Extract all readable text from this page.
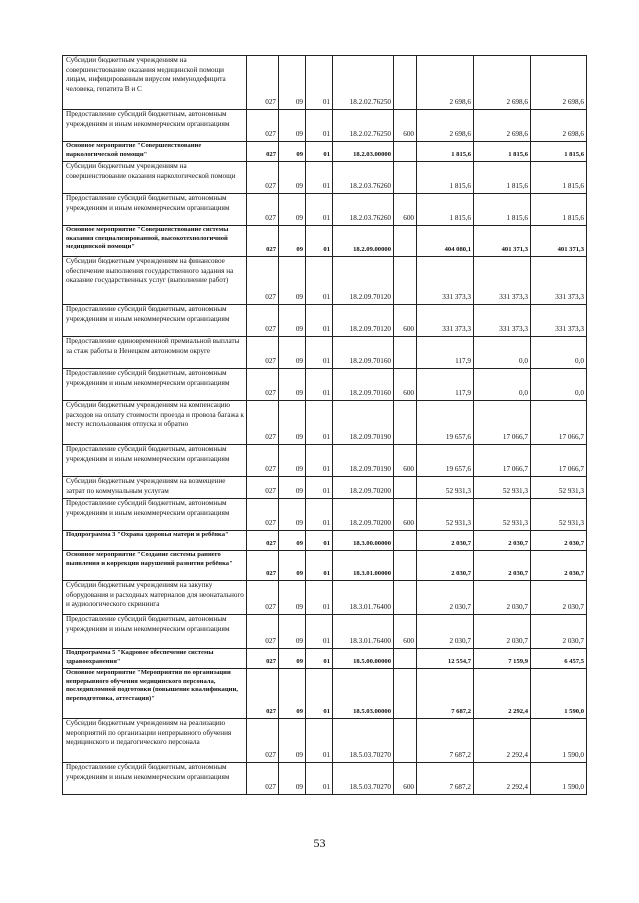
Субсидии бюджетным учреждениям на совершенствование оказания медицинской помощи лицам, инфицированным вирусом иммунодефицита человека, гепатита В и С	027	09	01	18.2.02.76250		2 698,6	2 698,6	2 698,6
Предоставление субсидий бюджетным, автономным учреждениям и иным некоммерческим организациям	027	09	01	18.2.02.76250	600	2 698,6	2 698,6	2 698,6
Основное мероприятие "Совершенствование наркологической помощи"	027	09	01	18.2.03.00000		1 815,6	1 815,6	1 815,6
Субсидии бюджетным учреждениям на совершенствование оказания наркологической помощи	027	09	01	18.2.03.76260		1 815,6	1 815,6	1 815,6
Предоставление субсидий бюджетным, автономным учреждениям и иным некоммерческим организациям	027	09	01	18.2.03.76260	600	1 815,6	1 815,6	1 815,6
Основное мероприятие "Совершенствование системы оказания специализированной, высокотехнологичной медицинской помощи"	027	09	01	18.2.09.00000		404 080,1	401 371,3	401 371,3
Субсидии бюджетным учреждениям на финансовое обеспечение выполнения государственного задания на оказание государственных услуг (выполнение работ)	027	09	01	18.2.09.70120		331 373,3	331 373,3	331 373,3
Предоставление субсидий бюджетным, автономным учреждениям и иным некоммерческим организациям	027	09	01	18.2.09.70120	600	331 373,3	331 373,3	331 373,3
Предоставление единовременной премиальной выплаты за стаж работы в Ненецком автономном округе	027	09	01	18.2.09.70160		117,9	0,0	0,0
Предоставление субсидий бюджетным, автономным учреждениям и иным некоммерческим организациям	027	09	01	18.2.09.70160	600	117,9	0,0	0,0
Субсидии бюджетным учреждениям на компенсацию расходов на оплату стоимости проезда и провоза багажа к месту использования отпуска и обратно	027	09	01	18.2.09.70190		19 657,6	17 066,7	17 066,7
Предоставление субсидий бюджетным, автономным учреждениям и иным некоммерческим организациям	027	09	01	18.2.09.70190	600	19 657,6	17 066,7	17 066,7
Субсидии бюджетным учреждениям на возмещение затрат по коммунальным услугам	027	09	01	18.2.09.70200		52 931,3	52 931,3	52 931,3
Предоставление субсидий бюджетным, автономным учреждениям и иным некоммерческим организациям	027	09	01	18.2.09.70200	600	52 931,3	52 931,3	52 931,3
Подпрограмма 3 "Охрана здоровья матери и ребёнка"	027	09	01	18.3.00.00000		2 030,7	2 030,7	2 030,7
Основное мероприятие "Создание системы раннего выявления и коррекции нарушений развития ребёнка"	027	09	01	18.3.01.00000		2 030,7	2 030,7	2 030,7
Субсидии бюджетным учреждениям на закупку оборудования и расходных материалов для неонатального и аудиологического скрининга	027	09	01	18.3.01.76400		2 030,7	2 030,7	2 030,7
Предоставление субсидий бюджетным, автономным учреждениям и иным некоммерческим организациям	027	09	01	18.3.01.76400	600	2 030,7	2 030,7	2 030,7
Подпрограмма 5 "Кадровое обеспечение системы здравоохранения"	027	09	01	18.5.00.00000		12 554,7	7 159,9	6 457,5
Основное мероприятие "Мероприятия по организации непрерывного обучения медицинского персонала, последипломной подготовки (повышение квалификации, переподготовка, аттестация)"	027	09	01	18.5.03.00000		7 687,2	2 292,4	1 590,0
Субсидии бюджетным учреждениям на реализацию мероприятий по организации непрерывного обучения медицинского и педагогического персонала	027	09	01	18.5.03.70270		7 687,2	2 292,4	1 590,0
Предоставление субсидий бюджетным, автономным учреждениям и иным некоммерческим организациям	027	09	01	18.5.03.70270	600	7 687,2	2 292,4	1 590,0
53
